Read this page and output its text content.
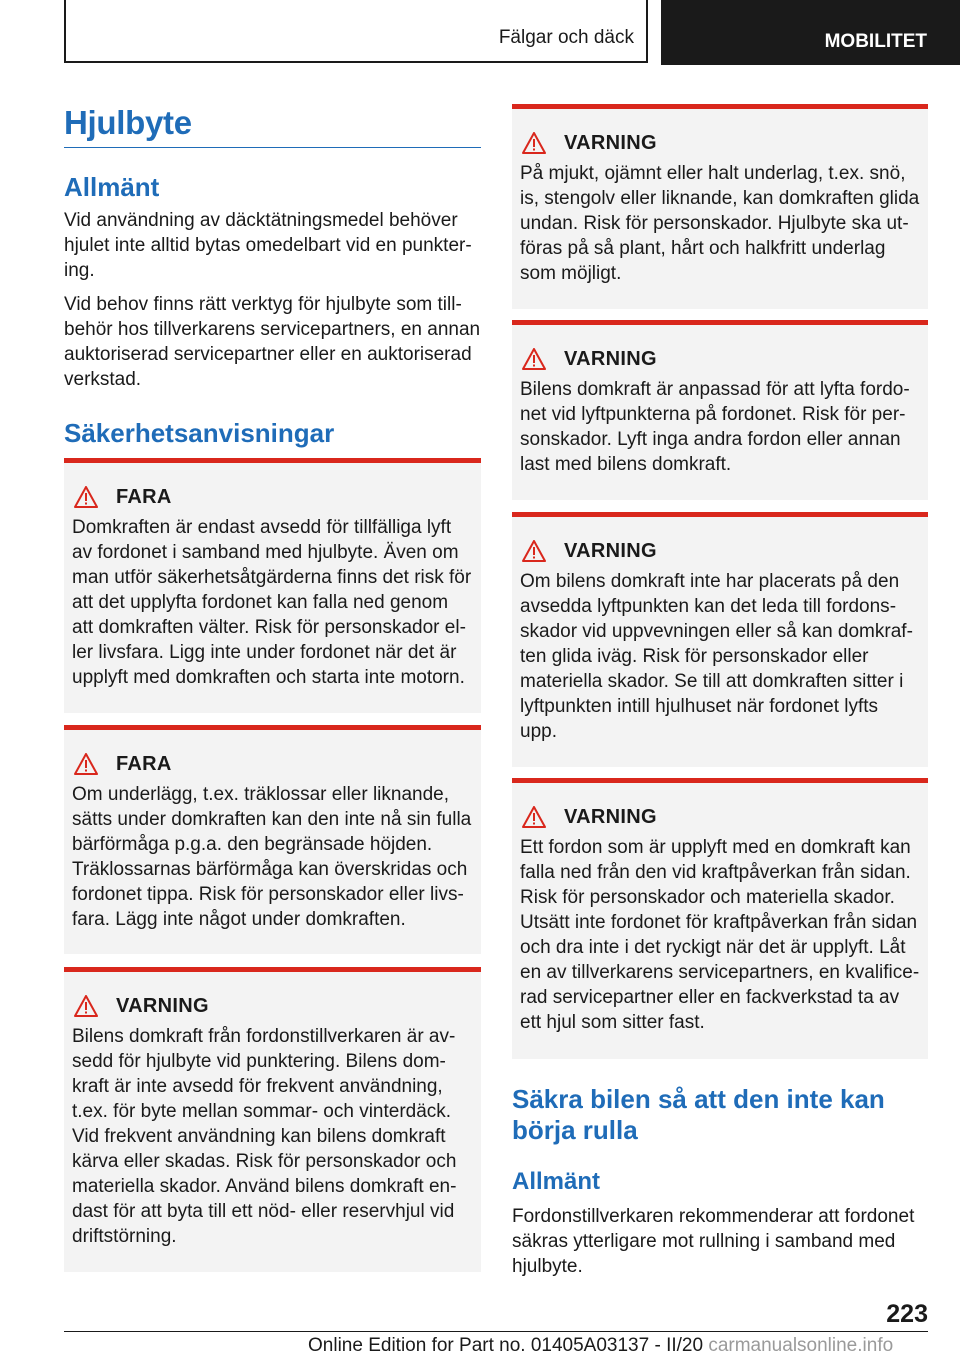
Fälgar och däck	MOBILITET
Hjulbyte
Allmänt

Vid användning av däcktätningsmedel behöver hjulet inte alltid bytas omedelbart vid en punktering.

Vid behov finns rätt verktyg för hjulbyte som tillbehör hos tillverkarens servicepartners, en annan auktoriserad servicepartner eller en auktoriserad verkstad.

Säkerhetsanvisningar
FARA

Domkraften är endast avsedd för tillfälliga lyft av fordonet i samband med hjulbyte. Även om man utför säkerhetsåtgärderna finns det risk för att det upplyfta fordonet kan falla ned genom att domkraften välter. Risk för personskador eller livsfara. Ligg inte under fordonet när det är upplyft med domkraften och starta inte motorn.

FARA

Om underlägg, t.ex. träklossar eller liknande, sätts under domkraften kan den inte nå sin fulla bärförmåga p.g.a. den begränsade höjden. Träklossarnas bärförmåga kan överskridas och fordonet tippa. Risk för personskador eller livsfara. Lägg inte något under domkraften.

VARNING

Bilens domkraft från fordonstillverkaren är avsedd för hjulbyte vid punktering. Bilens domkraft är inte avsedd för frekvent användning, t.ex. för byte mellan sommar- och vinterdäck. Vid frekvent användning kan bilens domkraft kärva eller skadas. Risk för personskador och materiella skador. Använd bilens domkraft endast för att byta till ett nöd- eller reservhjul vid driftstörning.

VARNING

På mjukt, ojämnt eller halt underlag, t.ex. snö, is, stengolv eller liknande, kan domkraften glida undan. Risk för personskador. Hjulbyte ska utföras på så plant, hårt och halkfritt underlag som möjligt.

VARNING

Bilens domkraft är anpassad för att lyfta fordonet vid lyftpunkterna på fordonet. Risk för personskador. Lyft inga andra fordon eller annan last med bilens domkraft.

VARNING

Om bilens domkraft inte har placerats på den avsedda lyftpunkten kan det leda till fordonsskador vid uppvevningen eller så kan domkraften glida iväg. Risk för personskador eller materiella skador. Se till att domkraften sitter i lyftpunkten intill hjulhuset när fordonet lyfts upp.

VARNING

Ett fordon som är upplyft med en domkraft kan falla ned från den vid kraftpåverkan från sidan. Risk för personskador och materiella skador. Utsätt inte fordonet för kraftpåverkan från sidan och dra inte i det ryckigt när det är upplyft. Låt en av tillverkarens servicepartners, en kvalificerad servicepartner eller en fackverkstad ta av ett hjul som sitter fast.

Säkra bilen så att den inte kan börja rulla
Allmänt

Fordonstillverkaren rekommenderar att fordonet säkras ytterligare mot rullning i samband med hjulbyte.

223
Online Edition for Part no. 01405A03137 - II/20 carmanualsonline.info
